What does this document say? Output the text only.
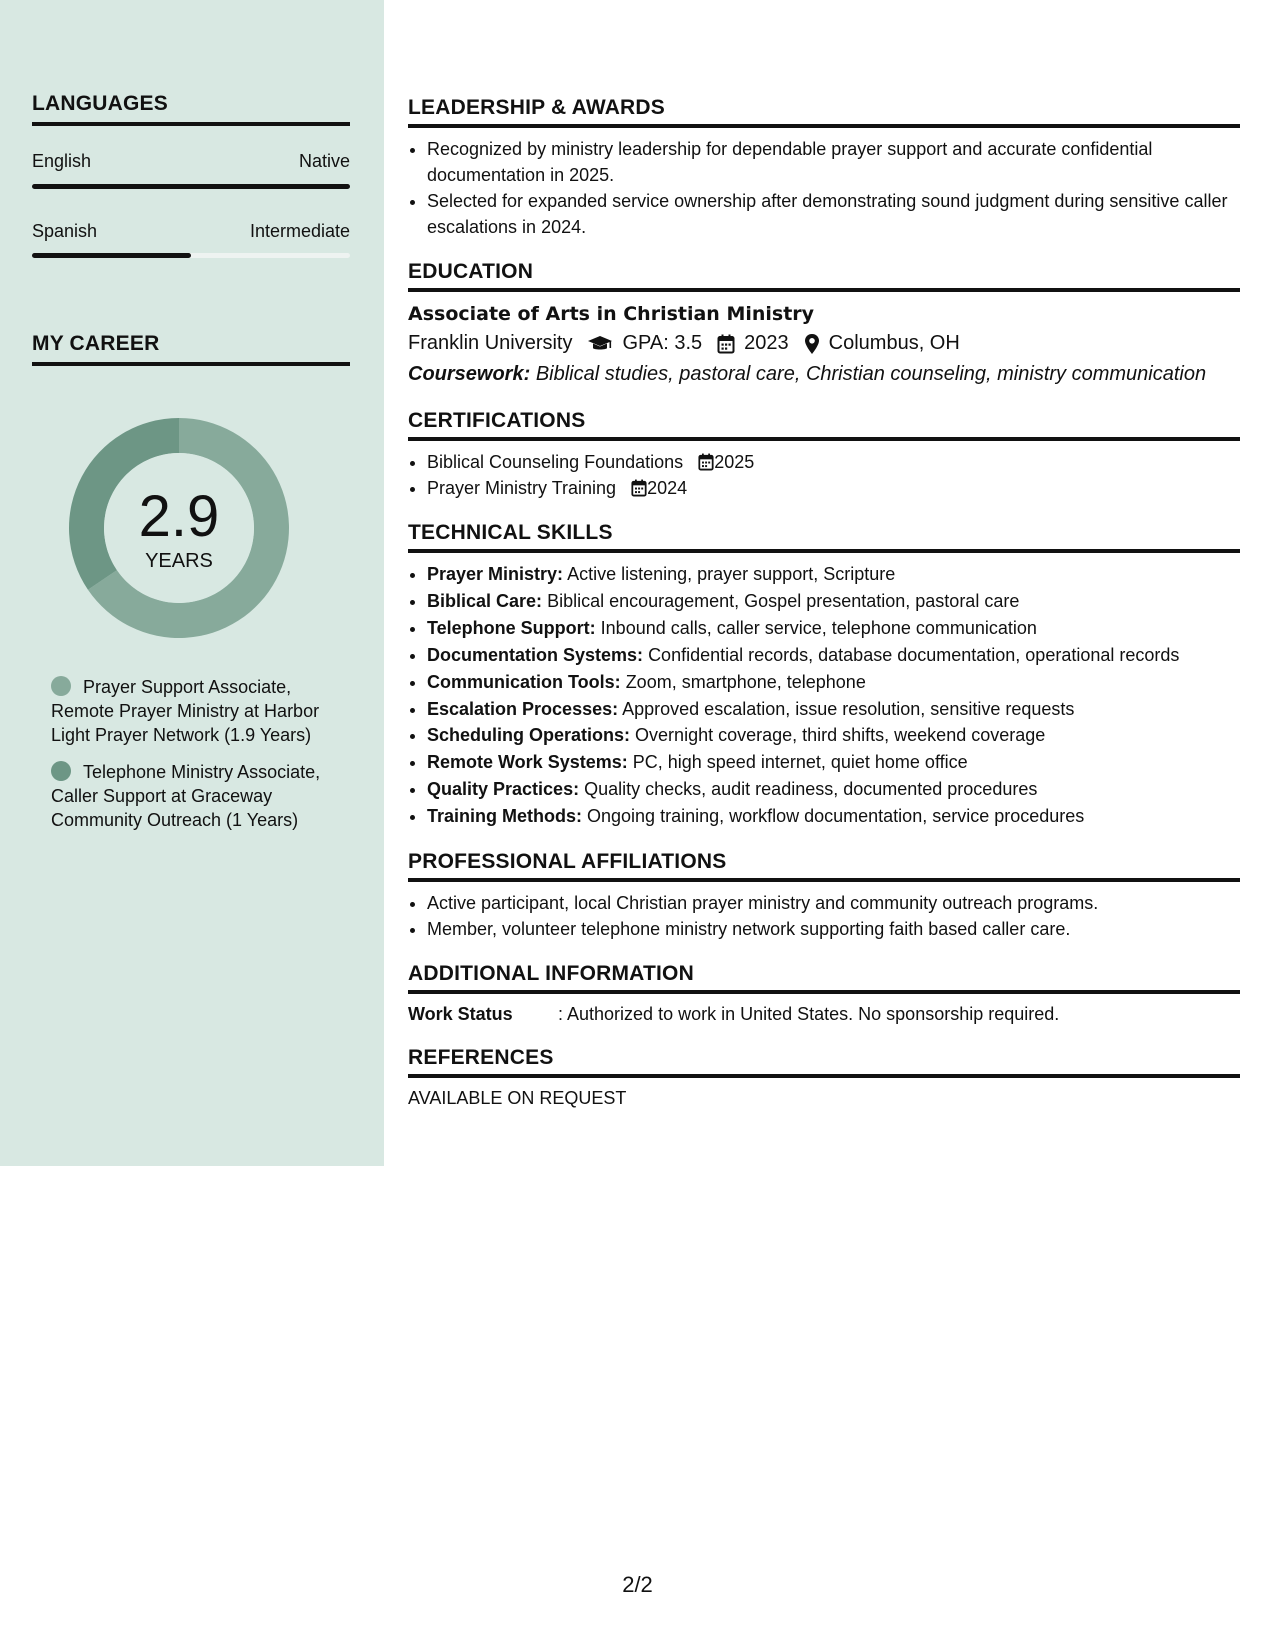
LANGUAGES
English	Native
Spanish	Intermediate
MY CAREER
2.9
YEARS
Prayer Support Associate, Remote Prayer Ministry at Harbor Light Prayer Network (1.9 Years)
Telephone Ministry Associate, Caller Support at Graceway Community Outreach (1 Years)
LEADERSHIP & AWARDS
• Recognized by ministry leadership for dependable prayer support and accurate confidential documentation in 2025.
• Selected for expanded service ownership after demonstrating sound judgment during sensitive caller escalations in 2024.
EDUCATION
Associate of Arts in Christian Ministry
Franklin University	GPA: 3.5 2023 Columbus, OH
Coursework: Biblical studies, pastoral care, Christian counseling, ministry communication
CERTIFICATIONS
• Biblical Counseling Foundations 2025
• Prayer Ministry Training 2024
TECHNICAL SKILLS
• Prayer Ministry: Active listening, prayer support, Scripture
• Biblical Care: Biblical encouragement, Gospel presentation, pastoral care
• Telephone Support: Inbound calls, caller service, telephone communication
• Documentation Systems: Confidential records, database documentation, operational records
• Communication Tools: Zoom, smartphone, telephone
• Escalation Processes: Approved escalation, issue resolution, sensitive requests
• Scheduling Operations: Overnight coverage, third shifts, weekend coverage
• Remote Work Systems: PC, high speed internet, quiet home office
• Quality Practices: Quality checks, audit readiness, documented procedures
• Training Methods: Ongoing training, workflow documentation, service procedures
PROFESSIONAL AFFILIATIONS
• Active participant, local Christian prayer ministry and community outreach programs.
• Member, volunteer telephone ministry network supporting faith based caller care.
ADDITIONAL INFORMATION
Work Status	: Authorized to work in United States. No sponsorship required.
REFERENCES
AVAILABLE ON REQUEST
2/2
